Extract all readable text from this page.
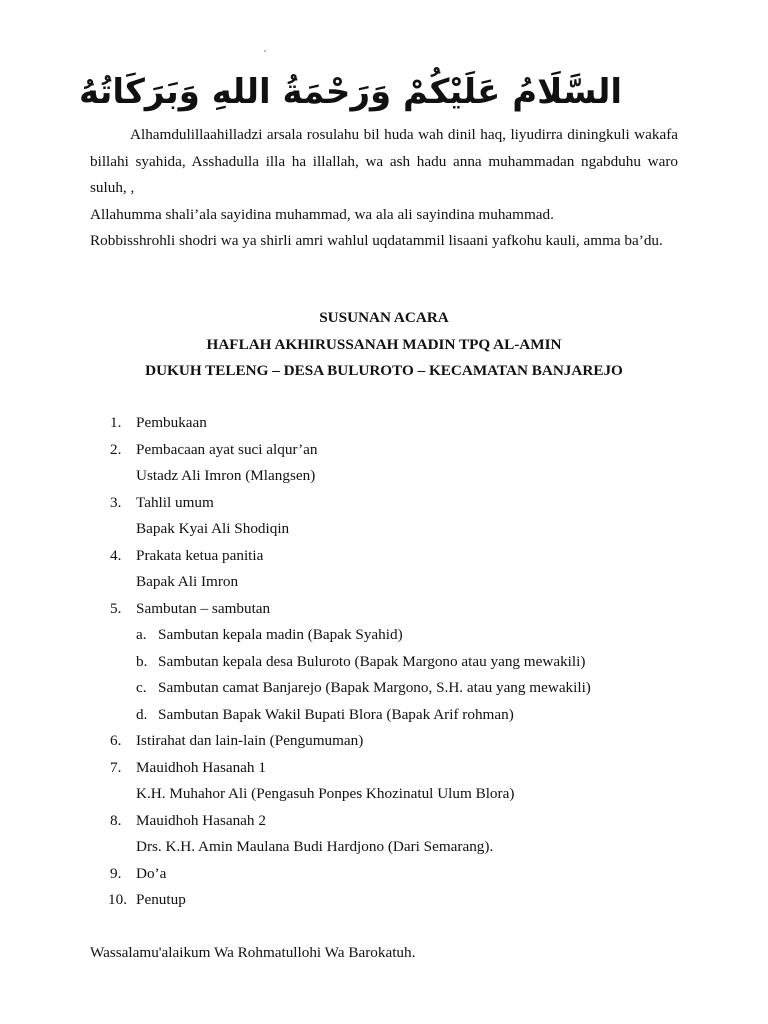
السَّلَامُ عَلَيْكُمْ وَرَحْمَةُ اللهِ وَبَرَكَاتُهُ

Alhamdulillaahilladzi arsala rosulahu bil huda wah dinil haq, liyudirra diningkuli wakafa billahi syahida, Asshadulla illa ha illallah, wa ash hadu anna muhammadan ngabduhu waro suluh, ,

Allahumma shali’ala sayidina muhammad, wa ala ali sayindina muhammad.

Robbisshrohli shodri wa ya shirli amri wahlul uqdatammil lisaani yafkohu kauli, amma ba’du.

SUSUNAN ACARA
HAFLAH AKHIRUSSANAH MADIN TPQ AL-AMIN
DUKUH TELENG – DESA BULUROTO – KECAMATAN BANJAREJO
1. Pembukaan
2. Pembacaan ayat suci alqur’an
Ustadz Ali Imron (Mlangsen)
3. Tahlil umum
Bapak Kyai Ali Shodiqin
4. Prakata ketua panitia
Bapak Ali Imron
5. Sambutan – sambutan
a. Sambutan kepala madin (Bapak Syahid)
b. Sambutan kepala desa Buluroto (Bapak Margono atau yang mewakili)
c. Sambutan camat Banjarejo (Bapak Margono, S.H. atau yang mewakili)
d. Sambutan Bapak Wakil Bupati Blora (Bapak Arif rohman)
6. Istirahat dan lain-lain (Pengumuman)
7. Mauidhoh Hasanah 1
K.H. Muhahor Ali (Pengasuh Ponpes Khozinatul Ulum Blora)
8. Mauidhoh Hasanah 2
Drs. K.H. Amin Maulana Budi Hardjono (Dari Semarang).
9. Do’a
10. Penutup
Wassalamu'alaikum Wa Rohmatullohi Wa Barokatuh.
